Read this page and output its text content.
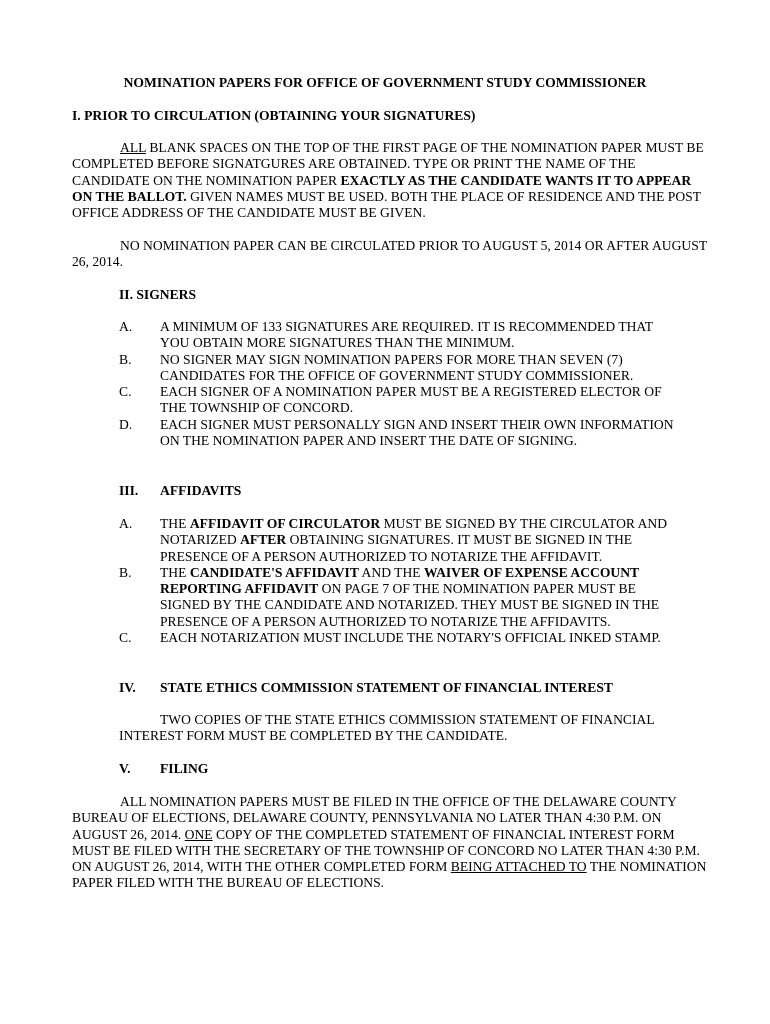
NOMINATION PAPERS FOR OFFICE OF GOVERNMENT STUDY COMMISSIONER

I. PRIOR TO CIRCULATION (OBTAINING YOUR SIGNATURES)

ALL BLANK SPACES ON THE TOP OF THE FIRST PAGE OF THE NOMINATION PAPER MUST BE COMPLETED BEFORE SIGNATGURES ARE OBTAINED. TYPE OR PRINT THE NAME OF THE CANDIDATE ON THE NOMINATION PAPER EXACTLY AS THE CANDIDATE WANTS IT TO APPEAR ON THE BALLOT. GIVEN NAMES MUST BE USED. BOTH THE PLACE OF RESIDENCE AND THE POST OFFICE ADDRESS OF THE CANDIDATE MUST BE GIVEN.

NO NOMINATION PAPER CAN BE CIRCULATED PRIOR TO AUGUST 5, 2014 OR AFTER AUGUST 26, 2014.

II. SIGNERS

A.	A MINIMUM OF 133 SIGNATURES ARE REQUIRED. IT IS RECOMMENDED THAT YOU OBTAIN MORE SIGNATURES THAN THE MINIMUM.
B.	NO SIGNER MAY SIGN NOMINATION PAPERS FOR MORE THAN SEVEN (7) CANDIDATES FOR THE OFFICE OF GOVERNMENT STUDY COMMISSIONER.
C.	EACH SIGNER OF A NOMINATION PAPER MUST BE A REGISTERED ELECTOR OF THE TOWNSHIP OF CONCORD.
D.	EACH SIGNER MUST PERSONALLY SIGN AND INSERT THEIR OWN INFORMATION ON THE NOMINATION PAPER AND INSERT THE DATE OF SIGNING.

III. AFFIDAVITS

A.	THE AFFIDAVIT OF CIRCULATOR MUST BE SIGNED BY THE CIRCULATOR AND NOTARIZED AFTER OBTAINING SIGNATURES. IT MUST BE SIGNED IN THE PRESENCE OF A PERSON AUTHORIZED TO NOTARIZE THE AFFIDAVIT.
B.	THE CANDIDATE'S AFFIDAVIT AND THE WAIVER OF EXPENSE ACCOUNT REPORTING AFFIDAVIT ON PAGE 7 OF THE NOMINATION PAPER MUST BE SIGNED BY THE CANDIDATE AND NOTARIZED. THEY MUST BE SIGNED IN THE PRESENCE OF A PERSON AUTHORIZED TO NOTARIZE THE AFFIDAVITS.
C.	EACH NOTARIZATION MUST INCLUDE THE NOTARY'S OFFICIAL INKED STAMP.

IV. STATE ETHICS COMMISSION STATEMENT OF FINANCIAL INTEREST

TWO COPIES OF THE STATE ETHICS COMMISSION STATEMENT OF FINANCIAL INTEREST FORM MUST BE COMPLETED BY THE CANDIDATE.

V. FILING

ALL NOMINATION PAPERS MUST BE FILED IN THE OFFICE OF THE DELAWARE COUNTY BUREAU OF ELECTIONS, DELAWARE COUNTY, PENNSYLVANIA NO LATER THAN 4:30 P.M. ON AUGUST 26, 2014. ONE COPY OF THE COMPLETED STATEMENT OF FINANCIAL INTEREST FORM MUST BE FILED WITH THE SECRETARY OF THE TOWNSHIP OF CONCORD NO LATER THAN 4:30 P.M. ON AUGUST 26, 2014, WITH THE OTHER COMPLETED FORM BEING ATTACHED TO THE NOMINATION PAPER FILED WITH THE BUREAU OF ELECTIONS.
